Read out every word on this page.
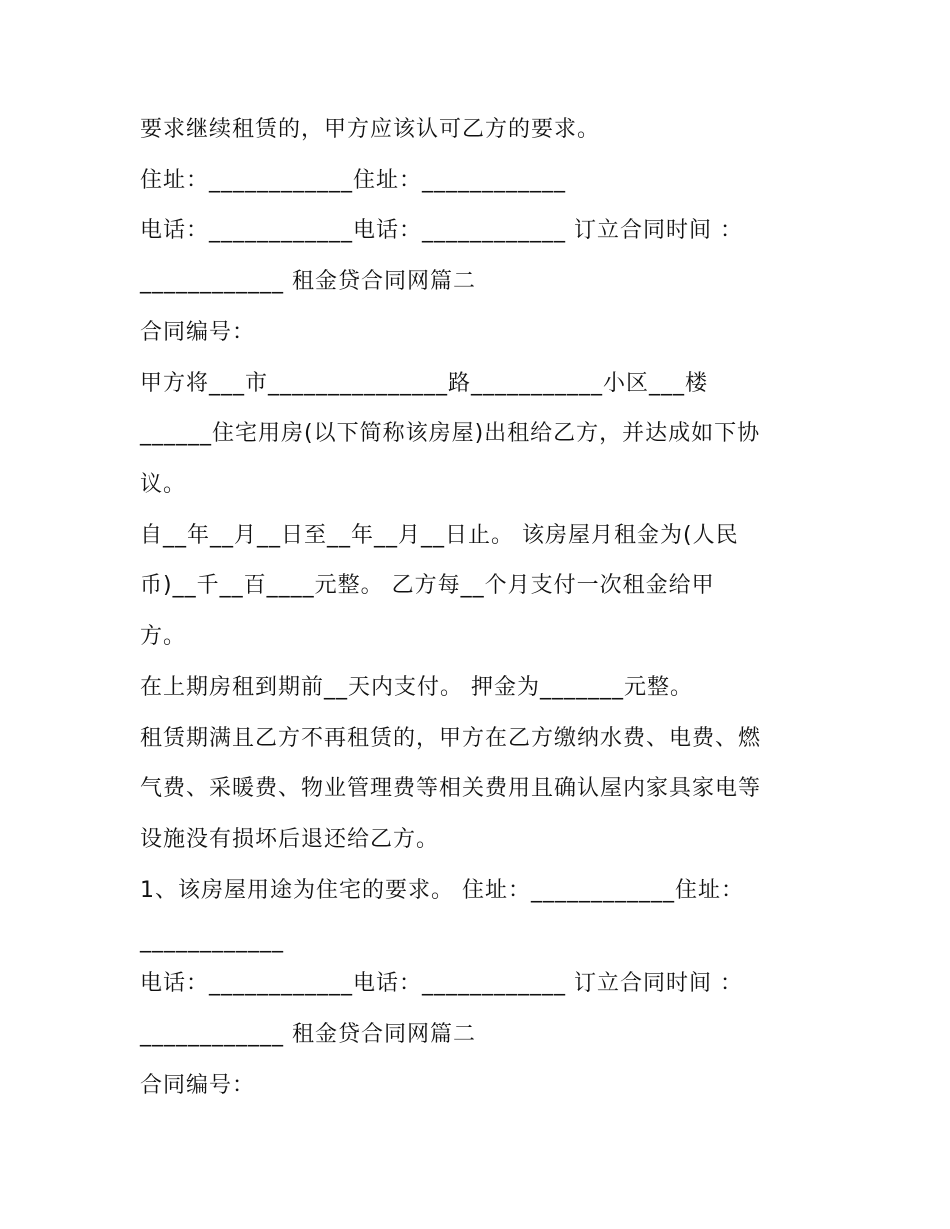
要求继续租赁的，甲方应该认可乙方的要求。

住址：____________住址：____________

电话：____________电话：____________ 订立合同时间 ：

____________ 租金贷合同网篇二

合同编号：

甲方将___市_______________路___________小区___楼

______住宅用房(以下简称该房屋)出租给乙方，并达成如下协

议。

自__年__月__日至__年__月__日止。 该房屋月租金为(人民

币)__千__百____元整。 乙方每__个月支付一次租金给甲

方。

在上期房租到期前__天内支付。 押金为_______元整。

租赁期满且乙方不再租赁的，甲方在乙方缴纳水费、电费、燃

气费、采暖费、物业管理费等相关费用且确认屋内家具家电等

设施没有损坏后退还给乙方。

1、该房屋用途为住宅的要求。 住址：____________住址：

____________

电话：____________电话：____________ 订立合同时间 ：

____________ 租金贷合同网篇二

合同编号：
